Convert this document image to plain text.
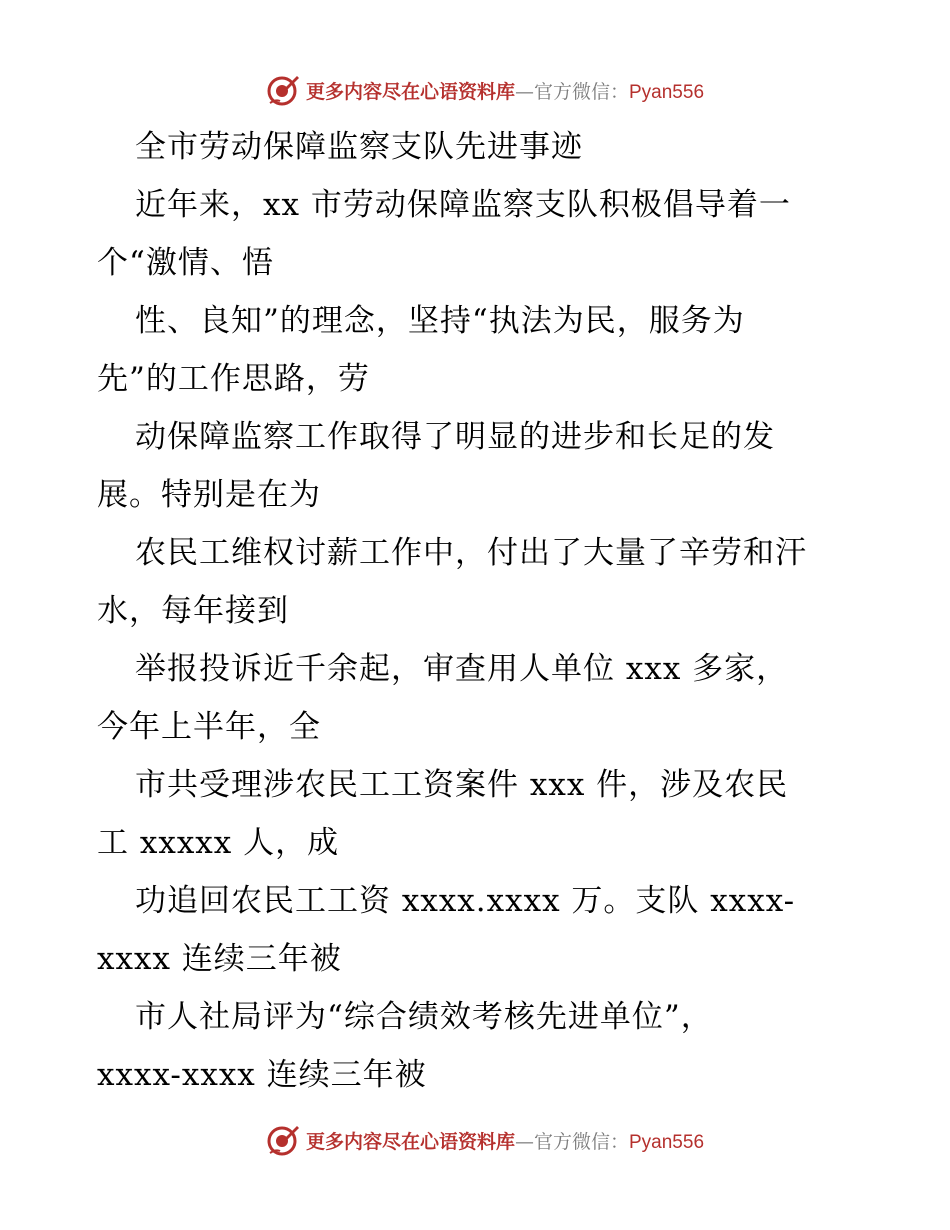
更多内容尽在心语资料库—官方微信：Pyan556
全市劳动保障监察支队先进事迹
近年来，xx 市劳动保障监察支队积极倡导着一
个“激情、悟
性、良知”的理念，坚持“执法为民，服务为
先”的工作思路，劳
动保障监察工作取得了明显的进步和长足的发
展。特别是在为
农民工维权讨薪工作中，付出了大量了辛劳和汗
水，每年接到
举报投诉近千余起，审查用人单位 xxx 多家，
今年上半年，全
市共受理涉农民工工资案件 xxx 件，涉及农民
工 xxxxx 人，成
功追回农民工工资 xxxx.xxxx 万。支队 xxxx-
xxxx 连续三年被
市人社局评为“综合绩效考核先进单位”，
xxxx-xxxx 连续三年被
更多内容尽在心语资料库—官方微信：Pyan556
